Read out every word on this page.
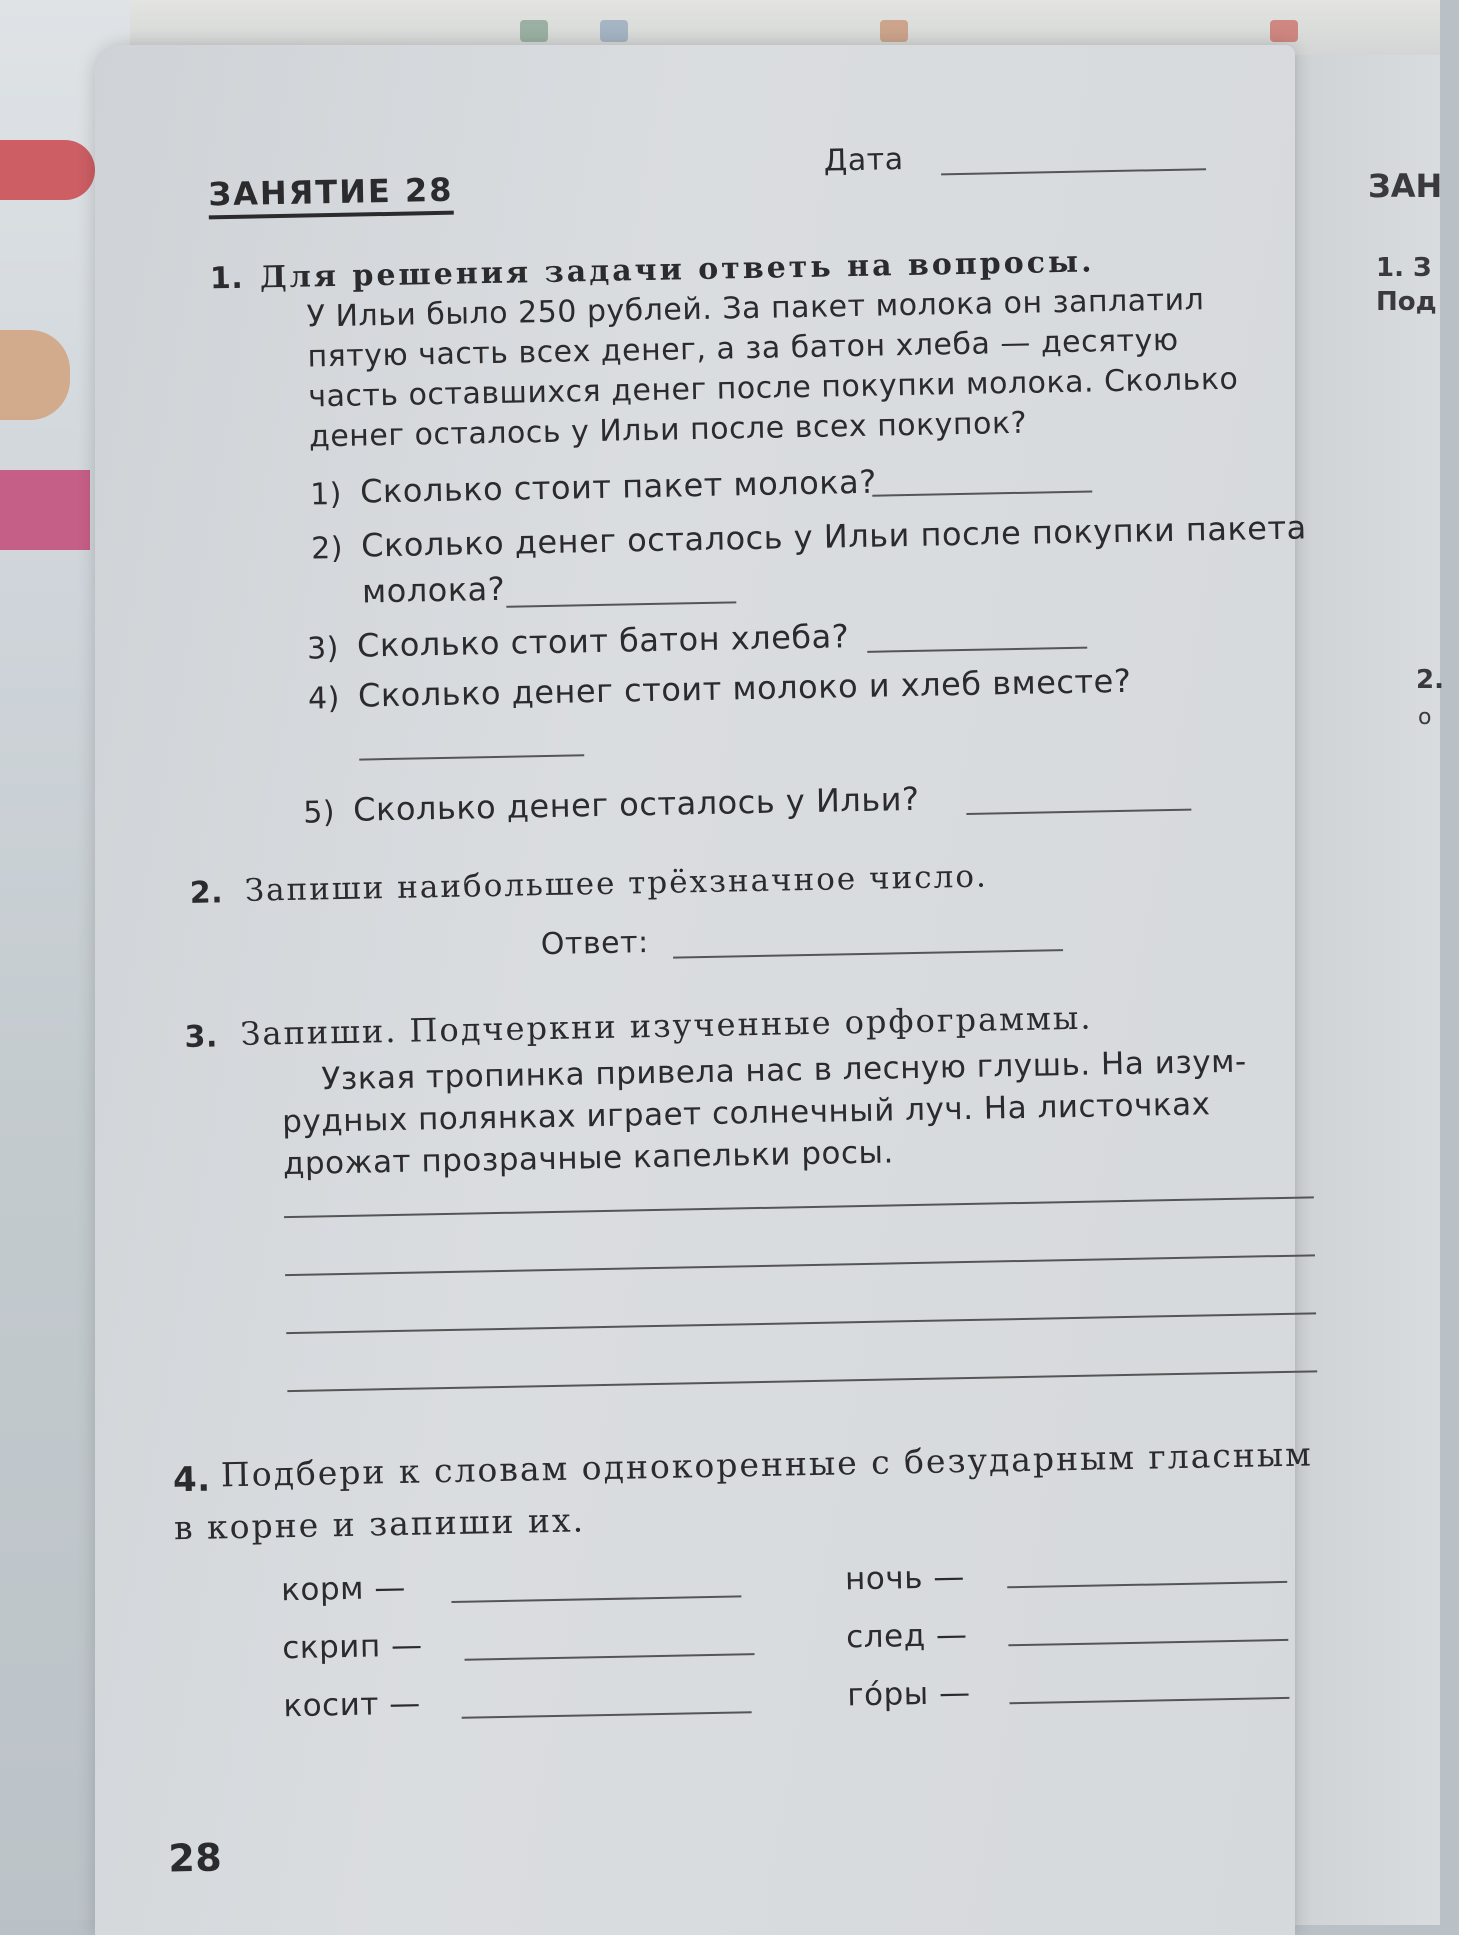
ЗАН
1. З
Под
2.
о
ЗАНЯТИЕ 28
Дата
1. Для решения задачи ответь на вопросы.
У Ильи было 250 рублей. За пакет молока он заплатил
пятую часть всех денег, а за батон хлеба — десятую
часть оставшихся денег после покупки молока. Сколько
денег осталось у Ильи после всех покупок?
1) Сколько стоит пакет молока?
2) Сколько денег осталось у Ильи после покупки пакета
молока?
3) Сколько стоит батон хлеба?
4) Сколько денег стоит молоко и хлеб вместе?
5) Сколько денег осталось у Ильи?
2. Запиши наибольшее трёхзначное число.
Ответ:
3. Запиши. Подчеркни изученные орфограммы.
Узкая тропинка привела нас в лесную глушь. На изум-
рудных полянках играет солнечный луч. На листочках
дрожат прозрачные капельки росы.
4. Подбери к словам однокоренные с безударным гласным
в корне и запиши их.
корм —
скрип —
косит —
ночь —
след —
го́ры —
28
